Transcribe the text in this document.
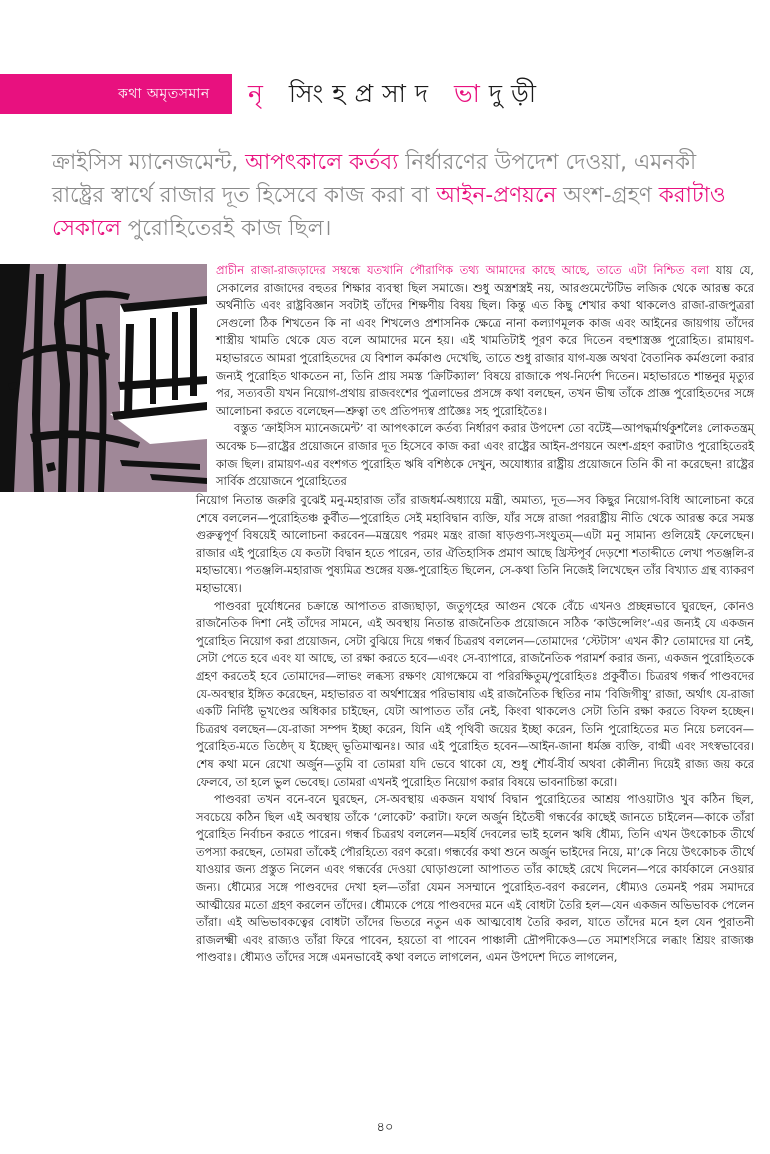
কথা অমৃতসমান নৃ সিংহপ্রসাদ ভাদুড়ী
ক্রাইসিস ম্যানেজমেন্ট, আপৎকালে কর্তব্য নির্ধারণের উপদেশ দেওয়া, এমনকী রাষ্ট্রের স্বার্থে রাজার দূত হিসেবে কাজ করা বা আইন-প্রণয়নে অংশ-গ্রহণ করাটাও সেকালে পুরোহিতেরই কাজ ছিল।

প্রাচীন রাজা-রাজড়াদের সম্বন্ধে যতখানি পৌরাণিক তথ্য আমাদের কাছে আছে, তাতে এটা নিশ্চিত বলা যায় যে, সেকালের রাজাদের বহুতর শিক্ষার ব্যবস্থা ছিল সমাজে। শুধু অস্ত্রশস্ত্রই নয়, আরগুমেন্টেটিভ লজিক থেকে আরম্ভ করে অর্থনীতি এবং রাষ্ট্রবিজ্ঞান সবটাই তাঁদের শিক্ষণীয় বিষয় ছিল। কিন্তু এত কিছু শেখার কথা থাকলেও রাজা-রাজপুত্ররা সেগুলো ঠিক শিখতেন কি না এবং শিখলেও প্রশাসনিক ক্ষেত্রে নানা কল্যাণমূলক কাজ এবং আইনের জায়গায় তাঁদের শাস্ত্রীয় খামতি থেকে যেত বলে আমাদের মনে হয়। এই খামতিটাই পূরণ করে দিতেন বহুশাস্ত্রজ্ঞ পুরোহিত। রামায়ণ-মহাভারতে আমরা পুরোহিতদের যে বিশাল কর্মকাণ্ড দেখেছি, তাতে শুধু রাজার যাগ-যজ্ঞ অথবা বৈতানিক কর্মগুলো করার জন্যই পুরোহিত থাকতেন না, তিনি প্রায় সমস্ত ‘ক্রিটিক্যাল’ বিষয়ে রাজাকে পথ-নির্দেশ দিতেন। মহাভারতে শান্তনুর মৃত্যুর পর, সত্যবতী যখন নিয়োগ-প্রথায় রাজবংশের পুত্রলাভের প্রসঙ্গে কথা বলছেন, তখন ভীষ্ম তাঁকে প্রাজ্ঞ পুরোহিতদের সঙ্গে আলোচনা করতে বলেছেন—শ্রুত্বা তৎ প্রতিপদ্যস্ব প্রাজ্ঞৈঃ সহ পুরোহিতৈঃ।

বস্তুত ‘ক্রাইসিস ম্যানেজমেন্ট’ বা আপৎকালে কর্তব্য নির্ধারণ করার উপদেশ তো বটেই—আপদ্ধর্মার্থকুশলৈঃ লোকতন্ত্রম্ অবেক্ষ চ—রাষ্ট্রের প্রয়োজনে রাজার দূত হিসেবে কাজ করা এবং রাষ্ট্রের আইন-প্রণয়নে অংশ-গ্রহণ করাটাও পুরোহিতেরই কাজ ছিল। রামায়ণ-এর বংশগত পুরোহিত ঋষি বশিষ্ঠকে দেখুন, অযোধ্যার রাষ্ট্রীয় প্রয়োজনে তিনি কী না করেছেন! রাষ্ট্রের সার্বিক প্রয়োজনে পুরোহিতের

নিয়োগ নিতান্ত জরুরি বুঝেই মনু-মহারাজ তাঁর রাজধর্ম-অধ্যায়ে মন্ত্রী, অমাত্য, দূত—সব কিছুর নিয়োগ-বিধি আলোচনা করে শেষে বললেন—পুরোহিতঞ্চ কুর্বীত—পুরোহিত সেই মহাবিদ্বান ব্যক্তি, যাঁর সঙ্গে রাজা পররাষ্ট্রীয় নীতি থেকে আরম্ভ করে সমস্ত গুরুত্বপূর্ণ বিষয়েই আলোচনা করবেন—মন্ত্রয়েৎ পরমং মন্ত্রং রাজা ষাড়গুণ্য-সংযুতম্—এটা মনু সামান্য গুলিয়েই ফেলেছেন। রাজার এই পুরোহিত যে কতটা বিদ্বান হতে পারেন, তার ঐতিহাসিক প্রমাণ আছে খ্রিস্টপূর্ব দেড়শো শতাব্দীতে লেখা পতঞ্জলি-র মহাভাষ্যে। পতঞ্জলি-মহারাজ পুষ্যমিত্র শুঙ্গের যজ্ঞ-পুরোহিত ছিলেন, সে-কথা তিনি নিজেই লিখেছেন তাঁর বিখ্যাত গ্রন্থ ব্যাকরণ মহাভাষ্যে।

পাণ্ডবরা দুর্যোধনের চক্রান্তে আপাতত রাজ্যছাড়া, জতুগৃহের আগুন থেকে বেঁচে এখনও প্রচ্ছন্নভাবে ঘুরছেন, কোনও রাজনৈতিক দিশা নেই তাঁদের সামনে, এই অবস্থায় নিতান্ত রাজনৈতিক প্রয়োজনে সঠিক ‘কাউন্সেলিং’-এর জন্যই যে একজন পুরোহিত নিয়োগ করা প্রয়োজন, সেটা বুঝিয়ে দিয়ে গন্ধর্ব চিত্ররথ বললেন—তোমাদের ‘স্টেটাস’ এখন কী? তোমাদের যা নেই, সেটা পেতে হবে এবং যা আছে, তা রক্ষা করতে হবে—এবং সে-ব্যাপারে, রাজনৈতিক পরামর্শ করার জন্য, একজন পুরোহিতকে গ্রহণ করতেই হবে তোমাদের—লাভং লব্ধস্য রক্ষণং যোগক্ষেমে বা পরিরক্ষিতুম্/পুরোহিতঃ প্রকুর্বীত। চিত্ররথ গন্ধর্ব পাণ্ডবদের যে-অবস্থার ইঙ্গিত করেছেন, মহাভারত বা অর্থশাস্ত্রের পরিভাষায় এই রাজনৈতিক স্থিতির নাম ‘বিজিগীষু’ রাজা, অর্থাৎ যে-রাজা একটি নির্দিষ্ট ভূখণ্ডের অধিকার চাইছেন, যেটা আপাতত তাঁর নেই, কিংবা থাকলেও সেটা তিনি রক্ষা করতে বিফল হচ্ছেন। চিত্ররথ বলছেন—যে-রাজা সম্পদ ইচ্ছা করেন, যিনি এই পৃথিবী জয়ের ইচ্ছা করেন, তিনি পুরোহিতের মত নিয়ে চলবেন—পুরোহিত-মতে তিষ্ঠেদ্ য ইচ্ছেদ্ ভূতিমাত্মনঃ। আর এই পুরোহিত হবেন—আইন-জানা ধর্মজ্ঞ ব্যক্তি, বাগ্মী এবং সৎস্বভাবের। শেষ কথা মনে রেখো অর্জুন—তুমি বা তোমরা যদি ভেবে থাকো যে, শুধু শৌর্য-বীর্য অথবা কৌলীন্য দিয়েই রাজ্য জয় করে ফেলবে, তা হলে ভুল ভেবেছ। তোমরা এখনই পুরোহিত নিয়োগ করার বিষয়ে ভাবনাচিন্তা করো।

পাণ্ডবরা তখন বনে-বনে ঘুরছেন, সে-অবস্থায় একজন যথার্থ বিদ্বান পুরোহিতের আশ্রয় পাওয়াটাও খুব কঠিন ছিল, সবচেয়ে কঠিন ছিল এই অবস্থায় তাঁকে ‘লোকেট’ করাটা। ফলে অর্জুন হিতৈষী গন্ধর্বের কাছেই জানতে চাইলেন—কাকে তাঁরা পুরোহিত নির্বাচন করতে পারেন। গন্ধর্ব চিত্ররথ বললেন—মহর্ষি দেবলের ভাই হলেন ঋষি ধৌম্য, তিনি এখন উৎকোচক তীর্থে তপস্যা করছেন, তোমরা তাঁকেই পৌরহিত্যে বরণ করো। গন্ধর্বের কথা শুনে অর্জুন ভাইদের নিয়ে, মা’কে নিয়ে উৎকোচক তীর্থে যাওয়ার জন্য প্রস্তুত নিলেন এবং গন্ধর্বের দেওয়া ঘোড়াগুলো আপাতত তাঁর কাছেই রেখে দিলেন—পরে কার্যকালে নেওয়ার জন্য। ধৌম্যের সঙ্গে পাণ্ডবদের দেখা হল—তাঁরা যেমন সসম্মানে পুরোহিত-বরণ করলেন, ধৌম্যও তেমনই পরম সমাদরে আত্মীয়ের মতো গ্রহণ করলেন তাঁদের। ধৌম্যকে পেয়ে পাণ্ডবদের মনে এই বোধটা তৈরি হল—যেন একজন অভিভাবক পেলেন তাঁরা। এই অভিভাবকত্বের বোধটা তাঁদের ভিতরে নতুন এক আত্মবোধ তৈরি করল, যাতে তাঁদের মনে হল যেন পুরাতনী রাজলক্ষ্মী এবং রাজ্যও তাঁরা ফিরে পাবেন, হয়তো বা পাবেন পাঞ্চালী দ্রৌপদীকেও—তে সমাশংসিরে লব্ধাং শ্রিয়ং রাজ্যঞ্চ পাণ্ডবাঃ। ধৌম্যও তাঁদের সঙ্গে এমনভাবেই কথা বলতে লাগলেন, এমন উপদেশ দিতে লাগলেন,

৪০
